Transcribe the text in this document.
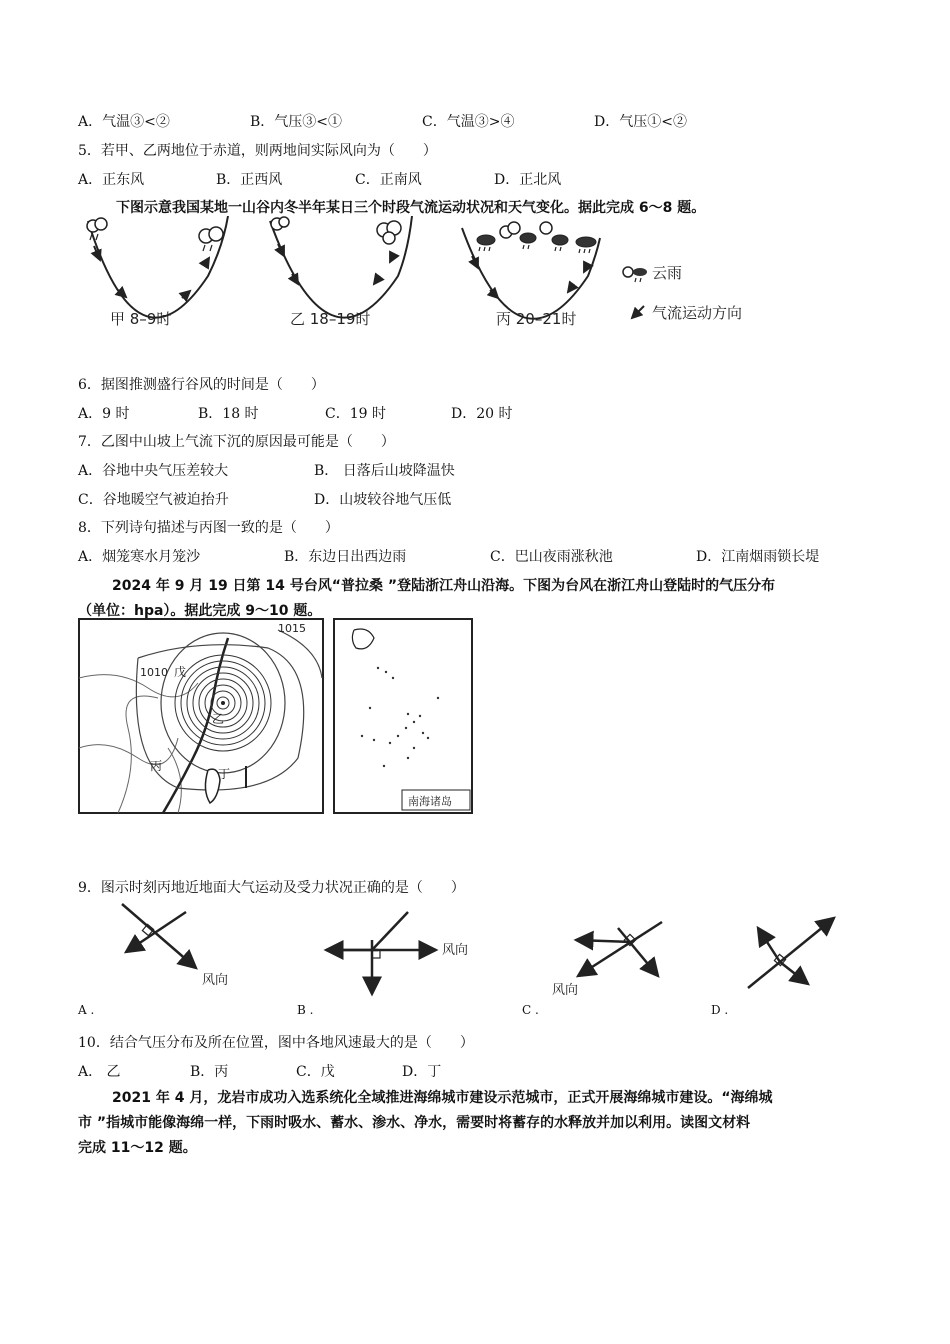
A．气温③<②	B．气压③<①	C．气温③>④	D．气压①<②
5．若甲、乙两地位于赤道，则两地间实际风向为（　　）
A．正东风	B．正西风	C．正南风	D．正北风
下图示意我国某地一山谷内冬半年某日三个时段气流运动状况和天气变化。据此完成 6～8 题。
甲 8–9时	乙 18–19时	丙 20–21时
云雨
气流运动方向
6．据图推测盛行谷风的时间是（　　）
A．9 时	B．18 时	C．19 时	D．20 时
7．乙图中山坡上气流下沉的原因最可能是（　　）
A．谷地中央气压差较大	B． 日落后山坡降温快
C．谷地暖空气被迫抬升	D．山坡较谷地气压低
8．下列诗句描述与丙图一致的是（　　）
A．烟笼寒水月笼沙	B．东边日出西边雨	C．巴山夜雨涨秋池	D．江南烟雨锁长堤
2024 年 9 月 19 日第 14 号台风“普拉桑 ”登陆浙江舟山沿海。下图为台风在浙江舟山登陆时的气压分布
（单位：hpa）。据此完成 9～10 题。
1015
1010 戊
乙
丙
丁
南海诸岛
9．图示时刻丙地近地面大气运动及受力状况正确的是（　　）
风向
风向
风向
A .	B .	C .	D .
10．结合气压分布及所在位置，图中各地风速最大的是（　　）
A． 乙	B．丙	C．戊	D．丁
2021 年 4 月，龙岩市成功入选系统化全域推进海绵城市建设示范城市，正式开展海绵城市建设。“海绵城
市 ”指城市能像海绵一样，下雨时吸水、蓄水、渗水、净水，需要时将蓄存的水释放并加以利用。读图文材料
完成 11～12 题。
